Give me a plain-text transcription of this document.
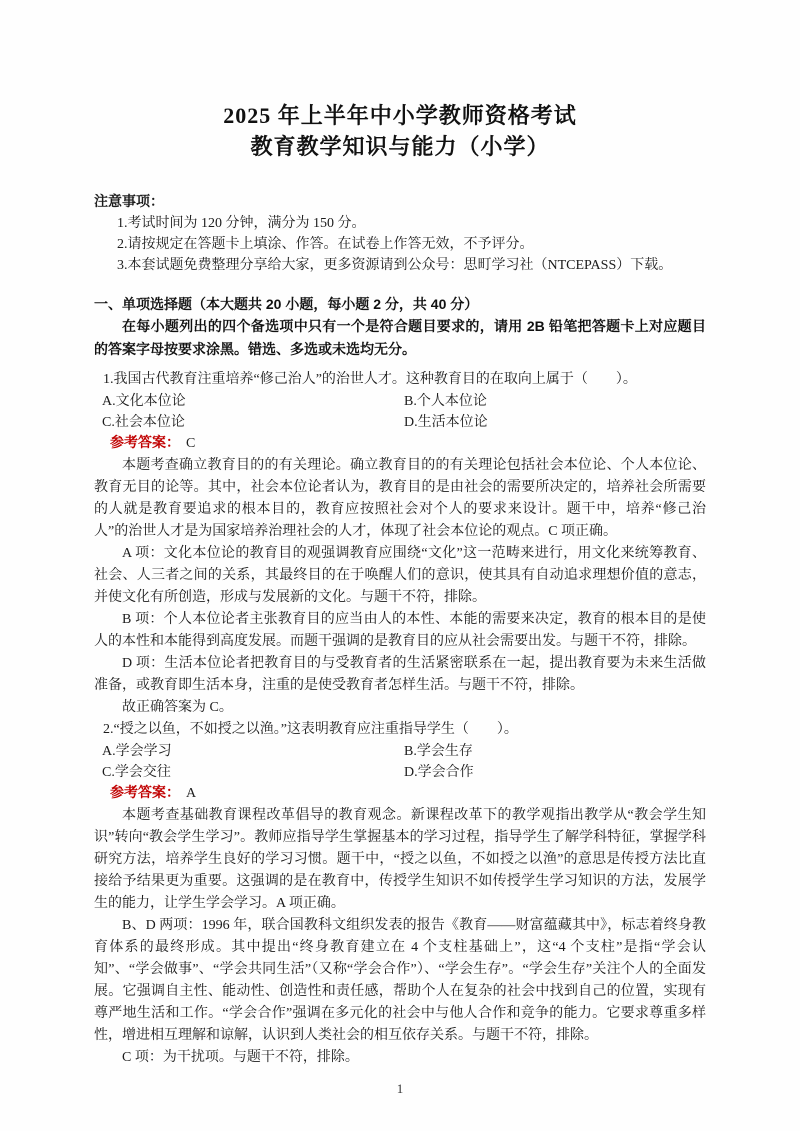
2025 年上半年中小学教师资格考试
教育教学知识与能力（小学）
注意事项：
1.考试时间为 120 分钟，满分为 150 分。
2.请按规定在答题卡上填涂、作答。在试卷上作答无效，不予评分。
3.本套试题免费整理分享给大家，更多资源请到公众号：思町学习社（NTCEPASS）下载。
一、单项选择题（本大题共 20 小题，每小题 2 分，共 40 分）
在每小题列出的四个备选项中只有一个是符合题目要求的，请用 2B 铅笔把答题卡上对应题目的答案字母按要求涂黑。错选、多选或未选均无分。
1.我国古代教育注重培养“修己治人”的治世人才。这种教育目的在取向上属于（　　）。
A.文化本位论	B.个人本位论
C.社会本位论	D.生活本位论
参考答案： C

本题考查确立教育目的的有关理论。确立教育目的的有关理论包括社会本位论、个人本位论、教育无目的论等。其中，社会本位论者认为，教育目的是由社会的需要所决定的，培养社会所需要的人就是教育要追求的根本目的，教育应按照社会对个人的要求来设计。题干中，培养“修己治人”的治世人才是为国家培养治理社会的人才，体现了社会本位论的观点。C 项正确。

A 项：文化本位论的教育目的观强调教育应围绕“文化”这一范畴来进行，用文化来统筹教育、社会、人三者之间的关系，其最终目的在于唤醒人们的意识，使其具有自动追求理想价值的意志，并使文化有所创造，形成与发展新的文化。与题干不符，排除。

B 项：个人本位论者主张教育目的应当由人的本性、本能的需要来决定，教育的根本目的是使人的本性和本能得到高度发展。而题干强调的是教育目的应从社会需要出发。与题干不符，排除。

D 项：生活本位论者把教育目的与受教育者的生活紧密联系在一起，提出教育要为未来生活做准备，或教育即生活本身，注重的是使受教育者怎样生活。与题干不符，排除。

故正确答案为 C。

2.“授之以鱼，不如授之以渔。”这表明教育应注重指导学生（　　）。
A.学会学习	B.学会生存
C.学会交往	D.学会合作
参考答案： A

本题考查基础教育课程改革倡导的教育观念。新课程改革下的教学观指出教学从“教会学生知识”转向“教会学生学习”。教师应指导学生掌握基本的学习过程，指导学生了解学科特征，掌握学科研究方法，培养学生良好的学习习惯。题干中，“授之以鱼，不如授之以渔”的意思是传授方法比直接给予结果更为重要。这强调的是在教育中，传授学生知识不如传授学生学习知识的方法，发展学生的能力，让学生学会学习。A 项正确。

B、D 两项：1996 年，联合国教科文组织发表的报告《教育——财富蕴藏其中》，标志着终身教育体系的最终形成。其中提出“终身教育建立在 4 个支柱基础上”，这“4 个支柱”是指“学会认知”、“学会做事”、“学会共同生活”（又称“学会合作”）、“学会生存”。“学会生存”关注个人的全面发展。它强调自主性、能动性、创造性和责任感，帮助个人在复杂的社会中找到自己的位置，实现有尊严地生活和工作。“学会合作”强调在多元化的社会中与他人合作和竞争的能力。它要求尊重多样性，增进相互理解和谅解，认识到人类社会的相互依存关系。与题干不符，排除。

C 项：为干扰项。与题干不符，排除。

1
